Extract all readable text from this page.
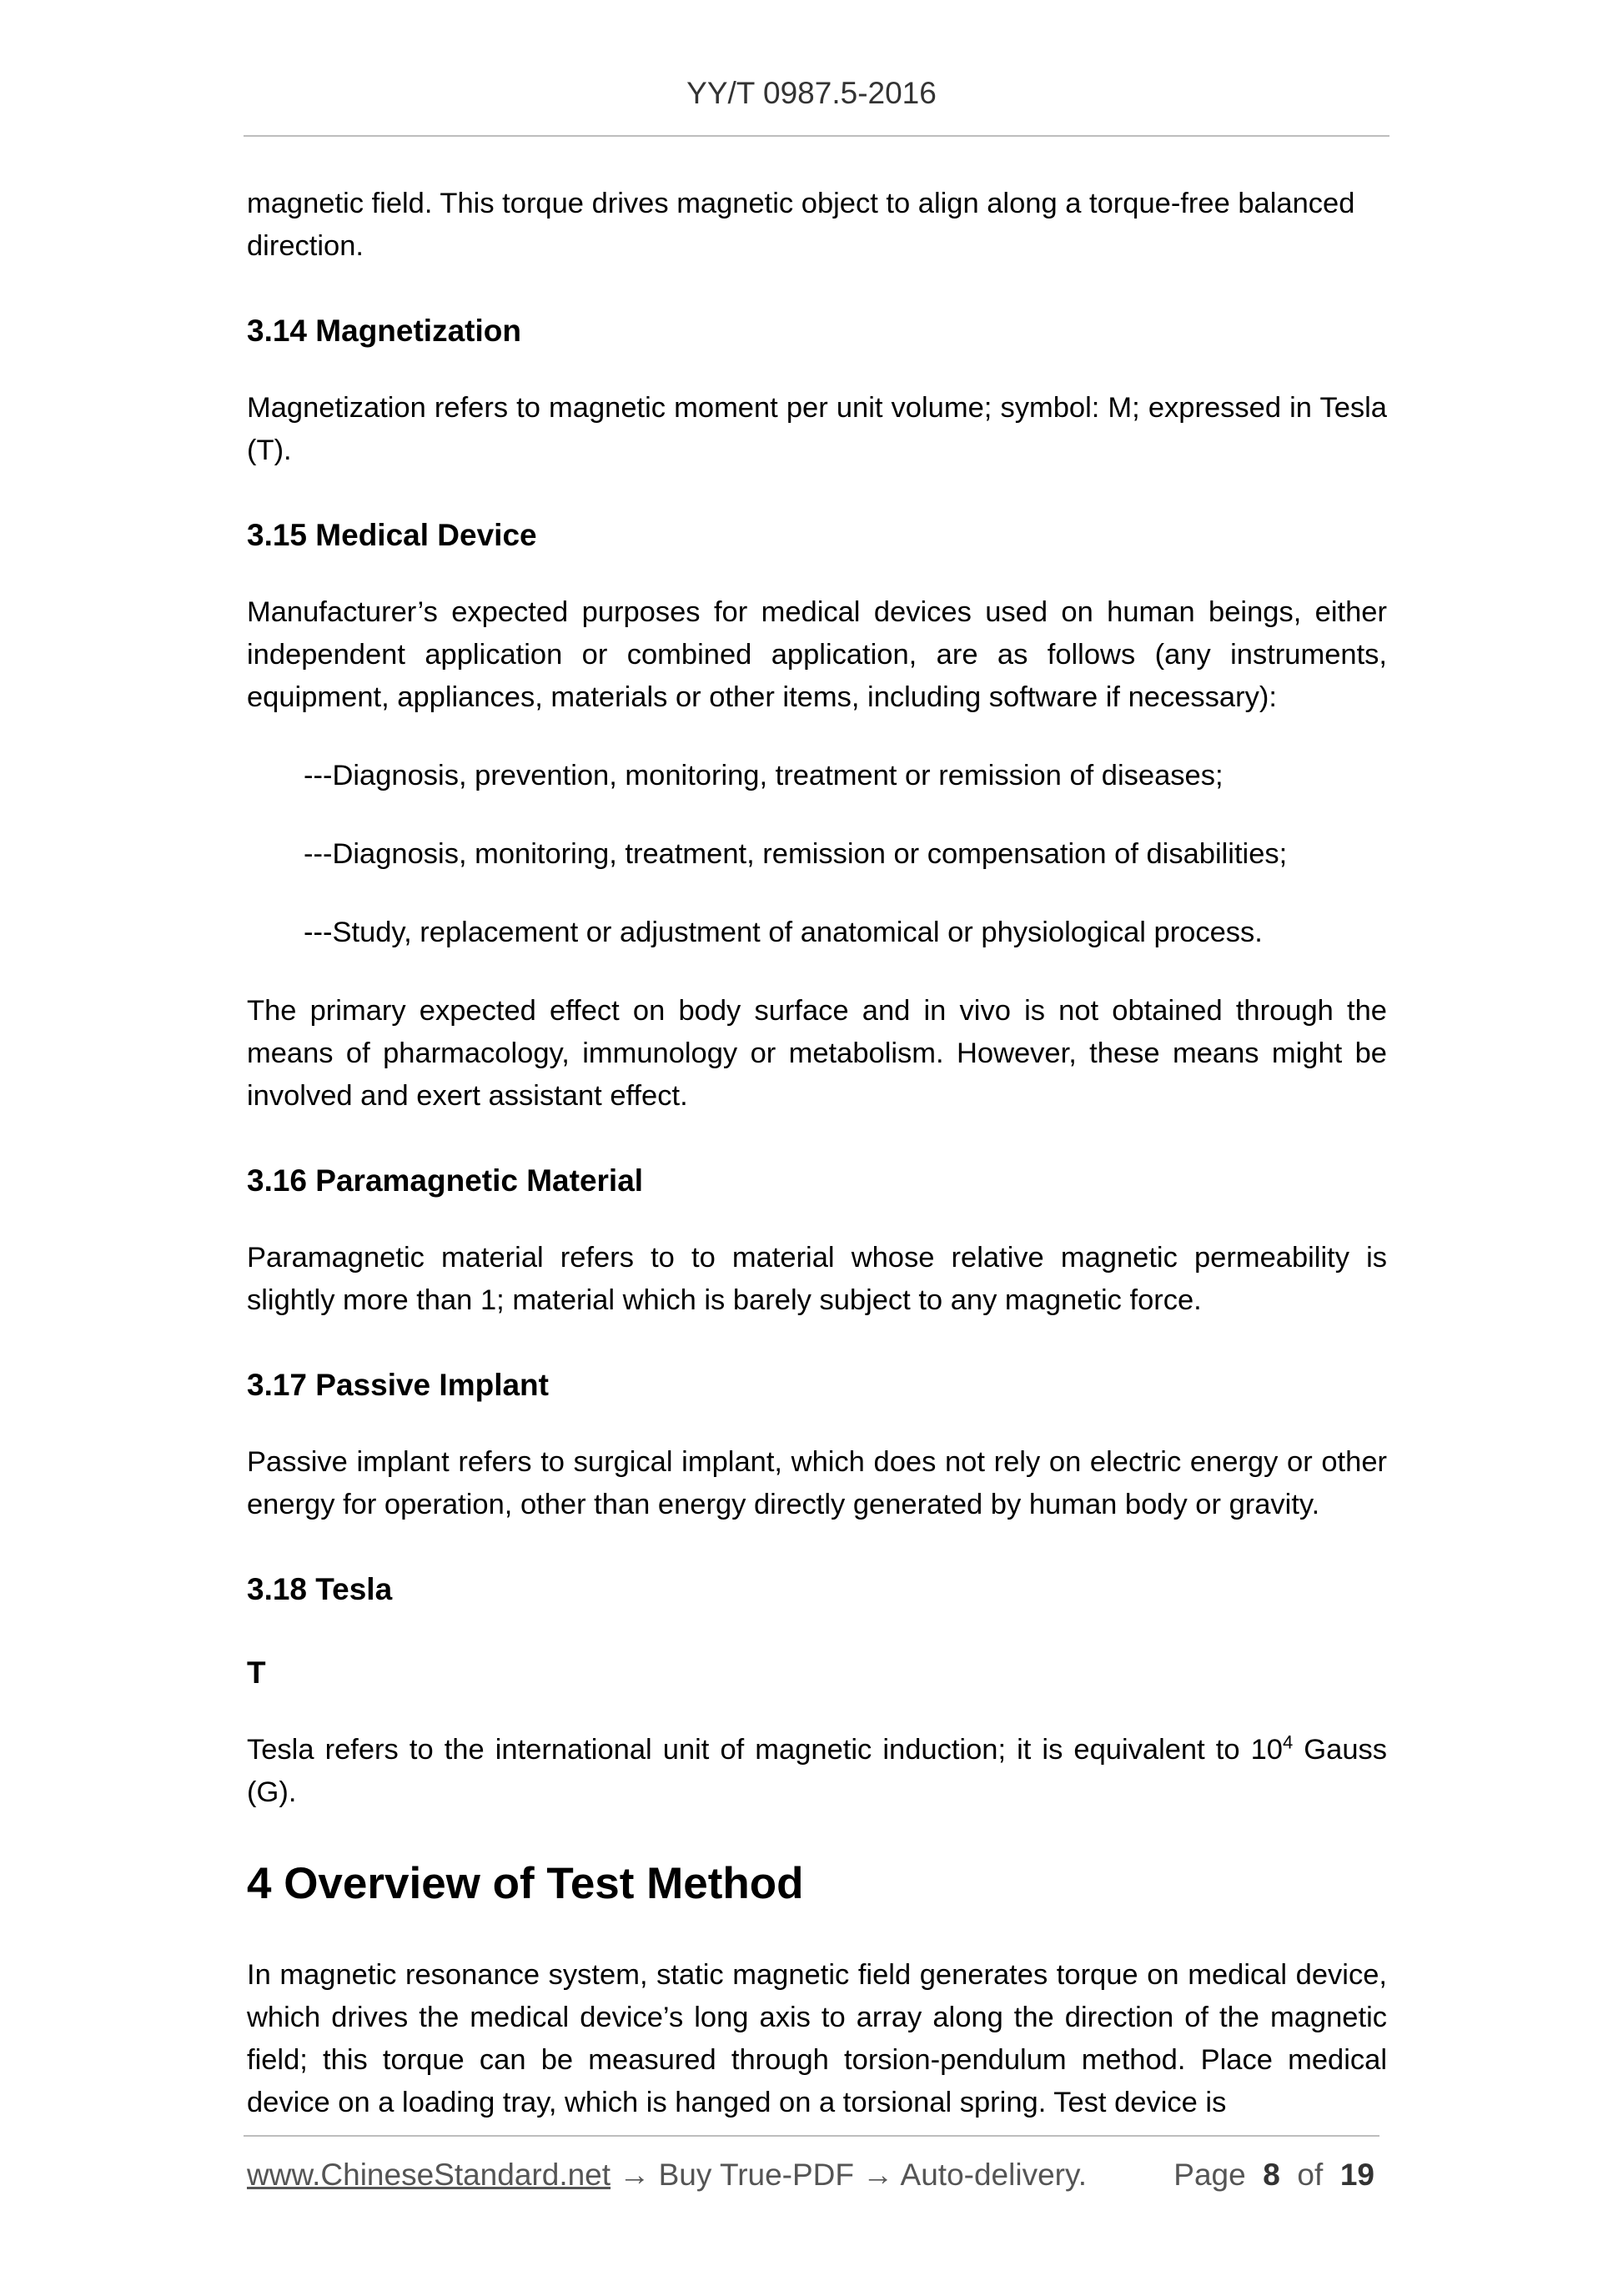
YY/T 0987.5-2016

magnetic field. This torque drives magnetic object to align along a torque-free balanced
direction.

3.14 Magnetization

Magnetization refers to magnetic moment per unit volume; symbol: M; expressed in Tesla (T).

3.15 Medical Device

Manufacturer’s expected purposes for medical devices used on human beings, either independent application or combined application, are as follows (any instruments, equipment, appliances, materials or other items, including software if necessary):

---Diagnosis, prevention, monitoring, treatment or remission of diseases;

---Diagnosis, monitoring, treatment, remission or compensation of disabilities;

---Study, replacement or adjustment of anatomical or physiological process.

The primary expected effect on body surface and in vivo is not obtained through the means of pharmacology, immunology or metabolism. However, these means might be involved and exert assistant effect.

3.16 Paramagnetic Material

Paramagnetic material refers to to material whose relative magnetic permeability is slightly more than 1; material which is barely subject to any magnetic force.

3.17 Passive Implant

Passive implant refers to surgical implant, which does not rely on electric energy or other energy for operation, other than energy directly generated by human body or gravity.

3.18 Tesla
T

Tesla refers to the international unit of magnetic induction; it is equivalent to $10^4$ Gauss (G).

4 Overview of Test Method

In magnetic resonance system, static magnetic field generates torque on medical device, which drives the medical device’s long axis to array along the direction of the magnetic field; this torque can be measured through torsion-pendulum method. Place medical device on a loading tray, which is hanged on a torsional spring. Test device is

www.ChineseStandard.net → Buy True-PDF → Auto-delivery.	Page 8 of 19
